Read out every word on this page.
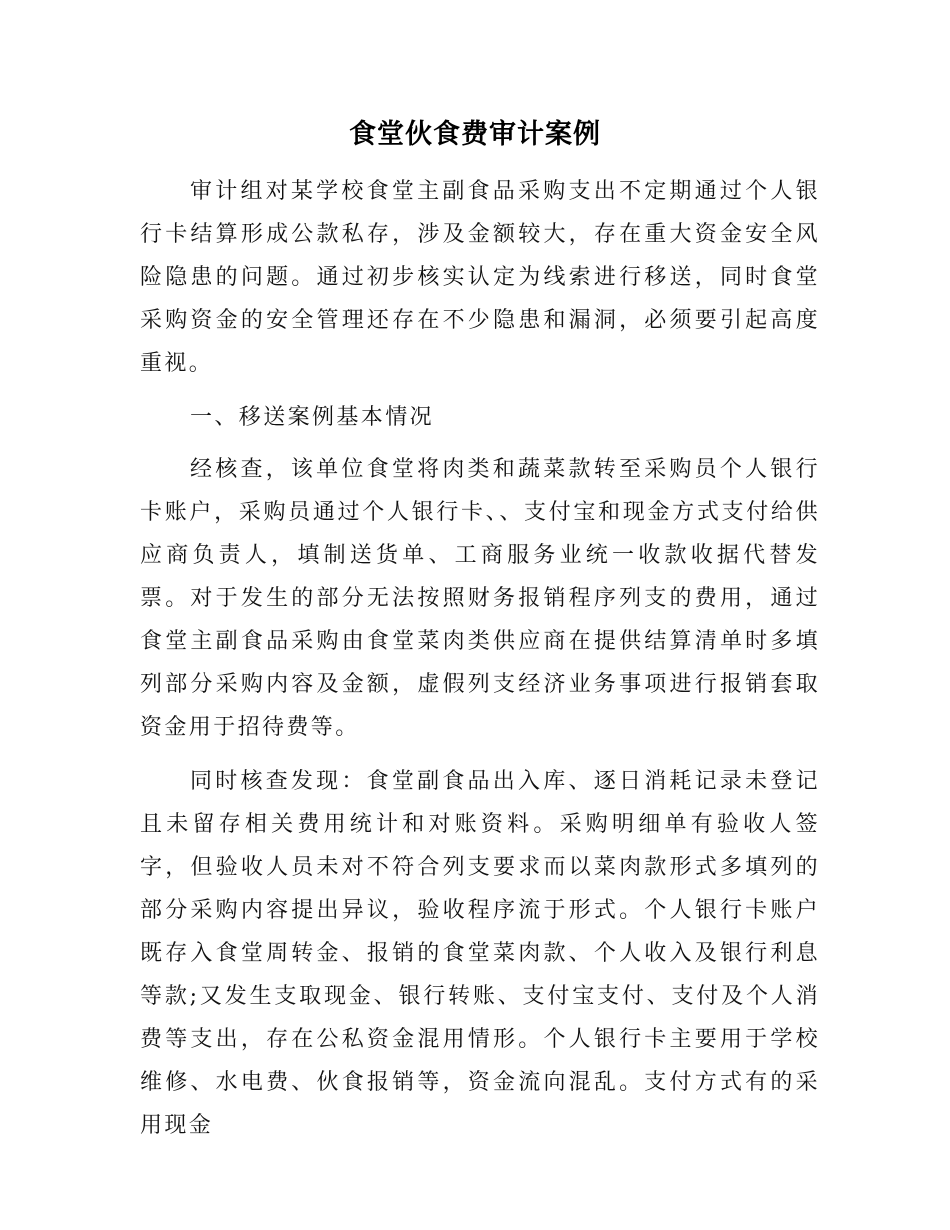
食堂伙食费审计案例

审计组对某学校食堂主副食品采购支出不定期通过个人银行卡结算形成公款私存，涉及金额较大，存在重大资金安全风险隐患的问题。通过初步核实认定为线索进行移送，同时食堂采购资金的安全管理还存在不少隐患和漏洞，必须要引起高度重视。

一、移送案例基本情况

经核查，该单位食堂将肉类和蔬菜款转至采购员个人银行卡账户，采购员通过个人银行卡、、支付宝和现金方式支付给供应商负责人，填制送货单、工商服务业统一收款收据代替发票。对于发生的部分无法按照财务报销程序列支的费用，通过食堂主副食品采购由食堂菜肉类供应商在提供结算清单时多填列部分采购内容及金额，虚假列支经济业务事项进行报销套取资金用于招待费等。

同时核查发现：食堂副食品出入库、逐日消耗记录未登记且未留存相关费用统计和对账资料。采购明细单有验收人签字，但验收人员未对不符合列支要求而以菜肉款形式多填列的部分采购内容提出异议，验收程序流于形式。个人银行卡账户既存入食堂周转金、报销的食堂菜肉款、个人收入及银行利息等款;又发生支取现金、银行转账、支付宝支付、支付及个人消费等支出，存在公私资金混用情形。个人银行卡主要用于学校维修、水电费、伙食报销等，资金流向混乱。支付方式有的采用现金
